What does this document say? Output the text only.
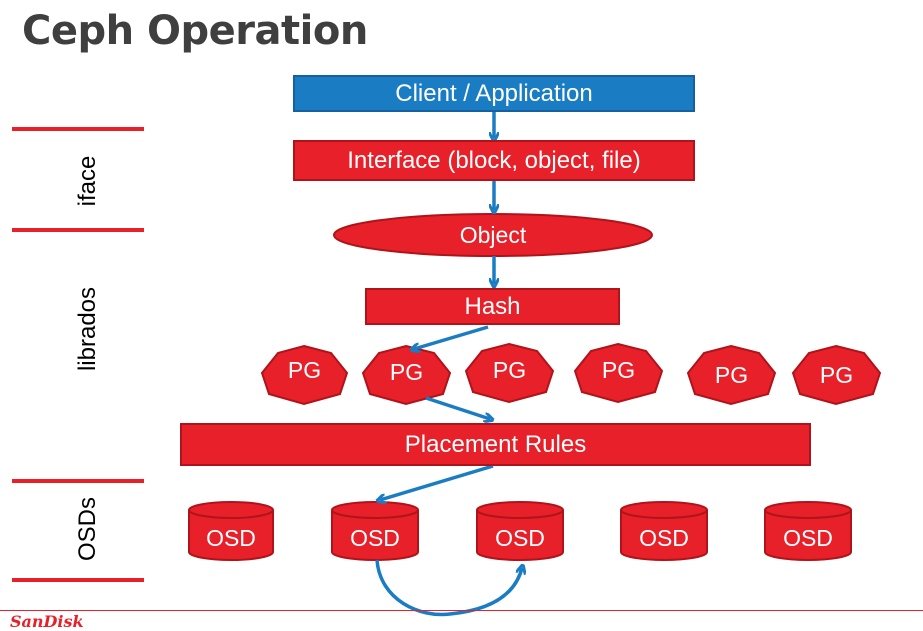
Ceph Operation
iface
librados
OSDs
Client / Application
Interface (block, object, file)
Hash
Placement Rules
Object
PG	PG	PG	PG	PG	PG
OSD	OSD	OSD	OSD	OSD
SanDisk
